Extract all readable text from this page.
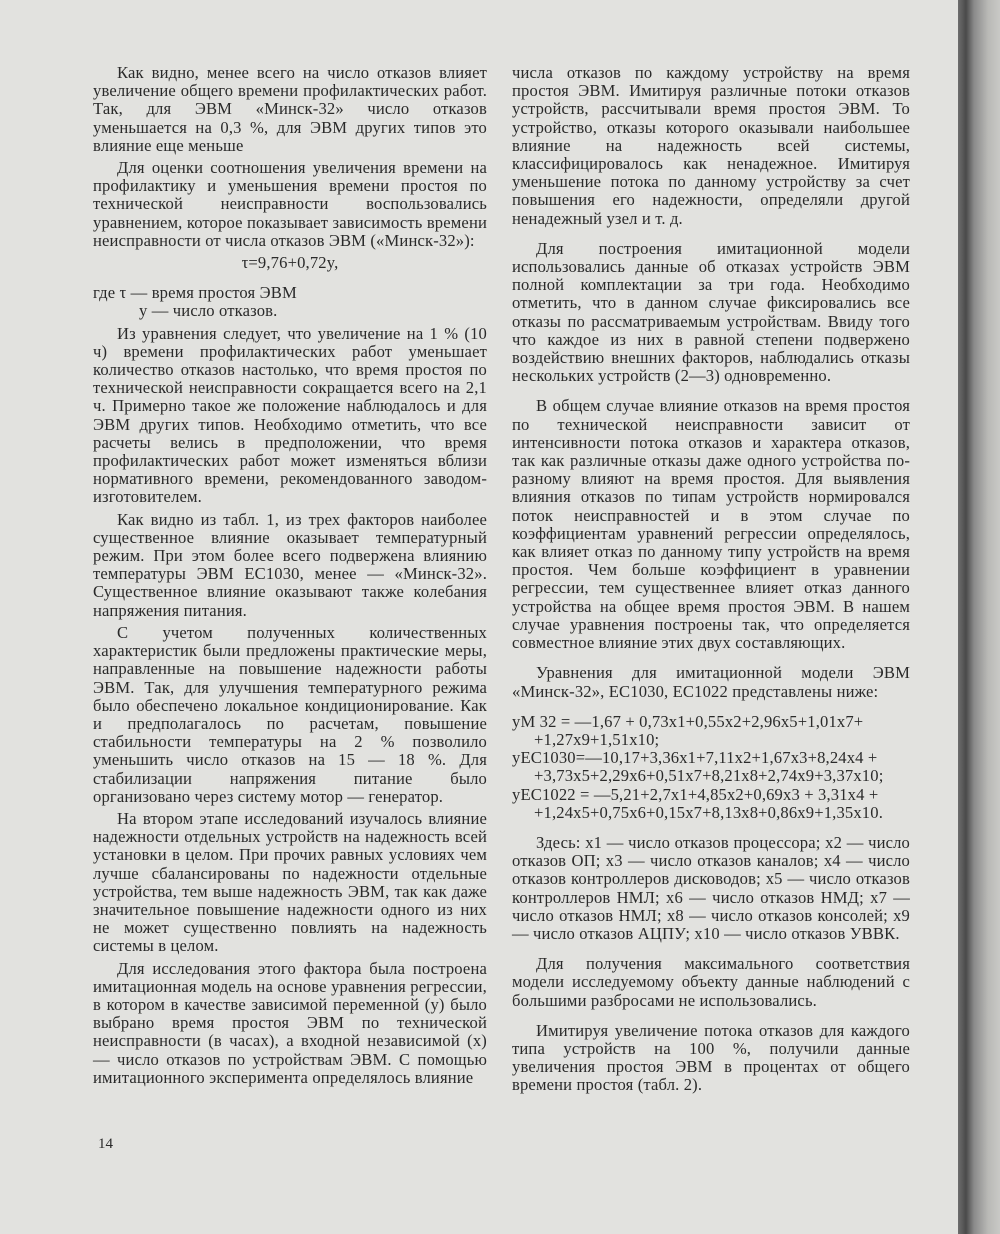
Как видно, менее всего на число отказов влияет увеличение общего времени профилактических работ. Так, для ЭВМ «Минск-32» число отказов уменьшается на 0,3 %, для ЭВМ других типов это влияние еще меньше

Для оценки соотношения увеличения времени на профилактику и уменьшения времени простоя по технической неисправности воспользовались уравнением, которое показывает зависимость времени неисправности от числа отказов ЭВМ («Минск-32»):

τ=9,76+0,72y,

где τ — время простоя ЭВМ
y — число отказов.

Из уравнения следует, что увеличение на 1 % (10 ч) времени профилактических работ уменьшает количество отказов настолько, что время простоя по технической неисправности сокращается всего на 2,1 ч. Примерно такое же положение наблюдалось и для ЭВМ других типов. Необходимо отметить, что все расчеты велись в предположении, что время профилактических работ может изменяться вблизи нормативного времени, рекомендованного заводом-изготовителем.

Как видно из табл. 1, из трех факторов наиболее существенное влияние оказывает температурный режим. При этом более всего подвержена влиянию температуры ЭВМ ЕС1030, менее — «Минск-32». Существенное влияние оказывают также колебания напряжения питания.

С учетом полученных количественных характеристик были предложены практические меры, направленные на повышение надежности работы ЭВМ. Так, для улучшения температурного режима было обеспечено локальное кондиционирование. Как и предполагалось по расчетам, повышение стабильности температуры на 2 % позволило уменьшить число отказов на 15 — 18 %. Для стабилизации напряжения питание было организовано через систему мотор — генератор.

На втором этапе исследований изучалось влияние надежности отдельных устройств на надежность всей установки в целом. При прочих равных условиях чем лучше сбалансированы по надежности отдельные устройства, тем выше надежность ЭВМ, так как даже значительное повышение надежности одного из них не может существенно повлиять на надежность системы в целом.

Для исследования этого фактора была построена имитационная модель на основе уравнения регрессии, в котором в качестве зависимой переменной (y) было выбрано время простоя ЭВМ по технической неисправности (в часах), а входной независимой (x) — число отказов по устройствам ЭВМ. С помощью имитационного эксперимента определялось влияние

числа отказов по каждому устройству на время простоя ЭВМ. Имитируя различные потоки отказов устройств, рассчитывали время простоя ЭВМ. То устройство, отказы которого оказывали наибольшее влияние на надежность всей системы, классифицировалось как ненадежное. Имитируя уменьшение потока по данному устройству за счет повышения его надежности, определяли другой ненадежный узел и т. д.

Для построения имитационной модели использовались данные об отказах устройств ЭВМ полной комплектации за три года. Необходимо отметить, что в данном случае фиксировались все отказы по рассматриваемым устройствам. Ввиду того что каждое из них в равной степени подвержено воздействию внешних факторов, наблюдались отказы нескольких устройств (2—3) одновременно.

В общем случае влияние отказов на время простоя по технической неисправности зависит от интенсивности потока отказов и характера отказов, так как различные отказы даже одного устройства по-разному влияют на время простоя. Для выявления влияния отказов по типам устройств нормировался поток неисправностей и в этом случае по коэффициентам уравнений регрессии определялось, как влияет отказ по данному типу устройств на время простоя. Чем больше коэффициент в уравнении регрессии, тем существеннее влияет отказ данного устройства на общее время простоя ЭВМ. В нашем случае уравнения построены так, что определяется совместное влияние этих двух составляющих.

Уравнения для имитационной модели ЭВМ «Минск-32», ЕС1030, ЕС1022 представлены ниже:

yМ 32 = —1,67 + 0,73x1+0,55x2+2,96x5+1,01x7+
+1,27x9+1,51x10;

yЕС1030=—10,17+3,36x1+7,11x2+1,67x3+8,24x4 +
+3,73x5+2,29x6+0,51x7+8,21x8+2,74x9+3,37x10;

yЕС1022 = —5,21+2,7x1+4,85x2+0,69x3 + 3,31x4 +
+1,24x5+0,75x6+0,15x7+8,13x8+0,86x9+1,35x10.

Здесь: x1 — число отказов процессора; x2 — число отказов ОП; x3 — число отказов каналов; x4 — число отказов контроллеров дисководов; x5 — число отказов контроллеров НМЛ; x6 — число отказов НМД; x7 — число отказов НМЛ; x8 — число отказов консолей; x9 — число отказов АЦПУ; x10 — число отказов УВВК.

Для получения максимального соответствия модели исследуемому объекту данные наблюдений с большими разбросами не использовались.

Имитируя увеличение потока отказов для каждого типа устройств на 100 %, получили данные увеличения простоя ЭВМ в процентах от общего времени простоя (табл. 2).

14
